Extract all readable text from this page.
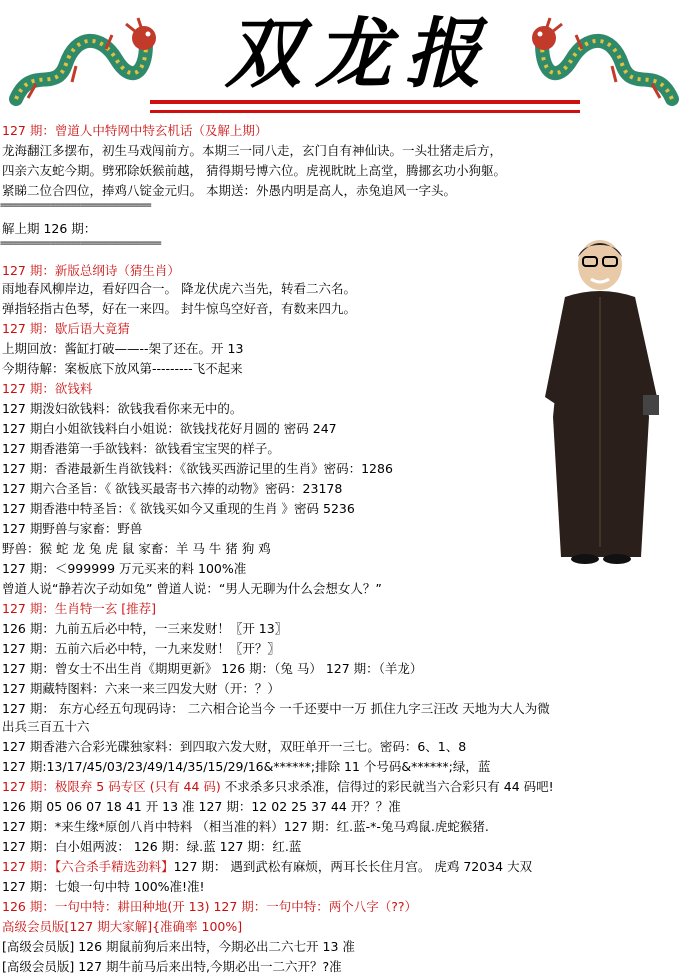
双龙报
127 期：曾道人中特网中特玄机话（及解上期）
龙海翻江多摆布，初生马戏闯前方。本期三一同八走，玄门自有神仙诀。一头壮猪走后方，
四亲六友蛇今期。劈邪除妖猴前越， 猜得期号博六位。虎视眈眈上高堂，腾挪玄功小狗躯。
紧睇二位合四位，捧鸡八锭金元归。 本期送：外愚内明是高人，赤兔追风一字头。
==============================
解上期 126 期：
================================
127 期：新版总纲诗（猜生肖）
雨地春风柳岸边，看好四合一。 降龙伏虎六当先，转看二六名。
弹指轻指古色琴，好在一来四。 封牛惊鸟空好音，有数来四九。
127 期：歇后语大竟猜
上期回放：酱缸打破——--架了还在。开 13
今期待解：案板底下放风第---------飞不起来
127 期：欲钱料
127 期泼妇欲钱料：欲钱我看你来无中的。
127 期白小姐欲钱料白小姐说：欲钱找花好月圆的 密码 247
127 期香港第一手欲钱料：欲钱看宝宝哭的样子。
127 期：香港最新生肖欲钱料：《欲钱买西游记里的生肖》密码：1286
127 期六合圣旨：《 欲钱买最寄书六捧的动物》密码：23178
127 期香港中特圣旨：《 欲钱买如今又重现的生肖 》密码 5236
127 期野兽与家畜：野兽
野兽：猴 蛇 龙 兔 虎 鼠 家畜：羊 马 牛 猪 狗 鸡
127 期：＜999999 万元买来的料 100%准
曾道人说“静若次子动如兔” 曾道人说：“男人无聊为什么会想女人？”
127 期：生肖特一玄 [推荐]
126 期：九前五后必中特，一三来发财！〖开 13〗
127 期：五前六后必中特，一九来发财！〖开？〗
127 期：曾女士不出生肖《期期更新》 126 期：（兔 马） 127 期：（羊龙）
127 期藏特图料：六来一来三四发大财（开：？）
127 期： 东方心经五句现码诗： 二六相合论当今 一千还要中一万 抓住九字三汪改 天地为大人为微
出兵三百五十六
127 期香港六合彩光碟独家料：到四取六发大财，双旺单开一三七。密码：6、1、8
127 期:13/17/45/03/23/49/14/35/15/29/16&******;排除 11 个号码&******;绿，蓝
127 期：极限弃 5 码专区 (只有 44 码) 不求杀多只求杀准，信得过的彩民就当六合彩只有 44 码吧!
126 期 05 06 07 18 41 开 13 准 127 期：12 02 25 37 44 开？？准
127 期：*来生缘*原创八肖中特料 （相当准的料）127 期：红.蓝-*-兔马鸡鼠.虎蛇猴猪.
127 期：白小姐两波： 126 期：绿.蓝 127 期：红.蓝
127 期：【六合杀手精选劲料】127 期： 遇到武松有麻烦，两耳长长住月宫。 虎鸡 72034 大双
127 期：七娘一句中特 100%准!准!
126 期：一句中特：耕田种地(开 13) 127 期：一句中特：两个八字（??）
高级会员版[127 期大家解]{准确率 100%]
[高级会员版] 126 期鼠前狗后来出特，今期必出二六七开 13 准
[高级会员版] 127 期牛前马后来出特,今期必出一二六开？?准
